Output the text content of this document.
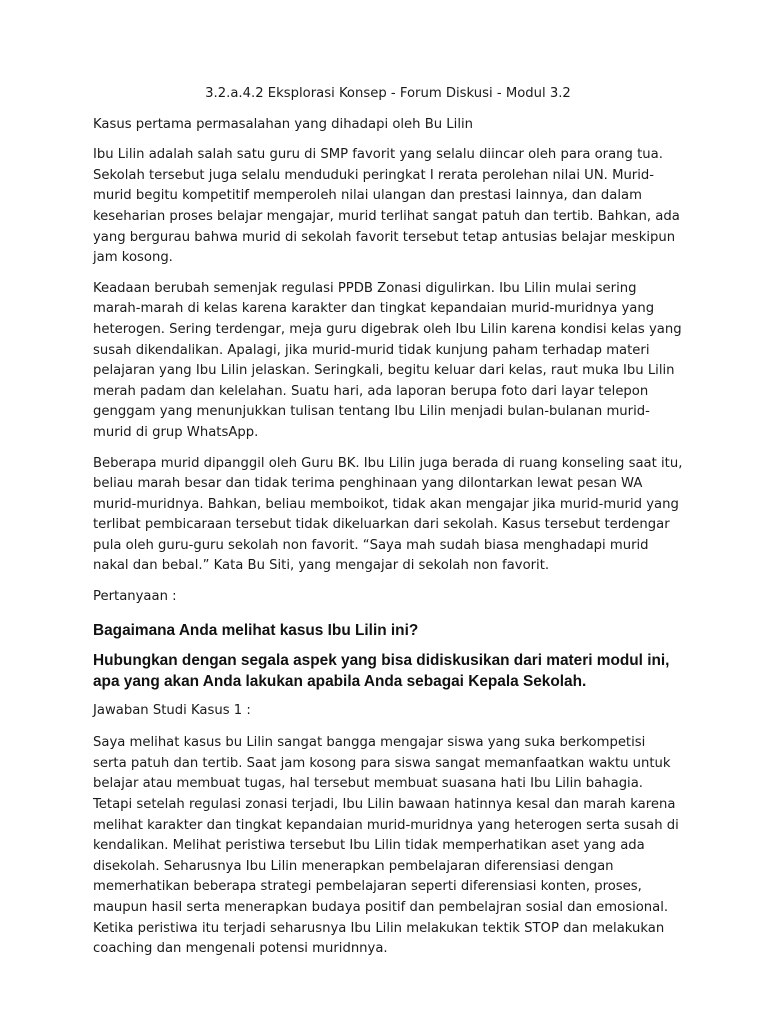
3.2.a.4.2 Eksplorasi Konsep - Forum Diskusi - Modul 3.2

Kasus pertama permasalahan yang dihadapi oleh Bu Lilin

Ibu Lilin adalah salah satu guru di SMP favorit yang selalu diincar oleh para orang tua. Sekolah tersebut juga selalu menduduki peringkat I rerata perolehan nilai UN. Murid-murid begitu kompetitif memperoleh nilai ulangan dan prestasi lainnya, dan dalam keseharian proses belajar mengajar, murid terlihat sangat patuh dan tertib. Bahkan, ada yang bergurau bahwa murid di sekolah favorit tersebut tetap antusias belajar meskipun jam kosong.

Keadaan berubah semenjak regulasi PPDB Zonasi digulirkan. Ibu Lilin mulai sering marah-marah di kelas karena karakter dan tingkat kepandaian murid-muridnya yang heterogen. Sering terdengar, meja guru digebrak oleh Ibu Lilin karena kondisi kelas yang susah dikendalikan. Apalagi, jika murid-murid tidak kunjung paham terhadap materi pelajaran yang Ibu Lilin jelaskan. Seringkali, begitu keluar dari kelas, raut muka Ibu Lilin merah padam dan kelelahan. Suatu hari, ada laporan berupa foto dari layar telepon genggam yang menunjukkan tulisan tentang Ibu Lilin menjadi bulan-bulanan murid-murid di grup WhatsApp.

Beberapa murid dipanggil oleh Guru BK. Ibu Lilin juga berada di ruang konseling saat itu, beliau marah besar dan tidak terima penghinaan yang dilontarkan lewat pesan WA murid-muridnya. Bahkan, beliau memboikot, tidak akan mengajar jika murid-murid yang terlibat pembicaraan tersebut tidak dikeluarkan dari sekolah. Kasus tersebut terdengar pula oleh guru-guru sekolah non favorit. “Saya mah sudah biasa menghadapi murid nakal dan bebal.” Kata Bu Siti, yang mengajar di sekolah non favorit.

Pertanyaan :

Bagaimana Anda melihat kasus Ibu Lilin ini?

Hubungkan dengan segala aspek yang bisa didiskusikan dari materi modul ini, apa yang akan Anda lakukan apabila Anda sebagai Kepala Sekolah.

Jawaban Studi Kasus 1 :

Saya melihat kasus bu Lilin sangat bangga mengajar siswa yang suka berkompetisi serta patuh dan tertib. Saat jam kosong para siswa sangat memanfaatkan waktu untuk belajar atau membuat tugas, hal tersebut membuat suasana hati Ibu Lilin bahagia. Tetapi setelah regulasi zonasi terjadi, Ibu Lilin bawaan hatinnya kesal dan marah karena melihat karakter dan tingkat kepandaian murid-muridnya yang heterogen serta susah di kendalikan. Melihat peristiwa tersebut Ibu Lilin tidak memperhatikan aset yang ada disekolah. Seharusnya Ibu Lilin menerapkan pembelajaran diferensiasi dengan memerhatikan beberapa strategi pembelajaran seperti diferensiasi konten, proses, maupun hasil serta menerapkan budaya positif dan pembelajran sosial dan emosional. Ketika peristiwa itu terjadi seharusnya Ibu Lilin melakukan tektik STOP dan melakukan coaching dan mengenali potensi muridnnya.
